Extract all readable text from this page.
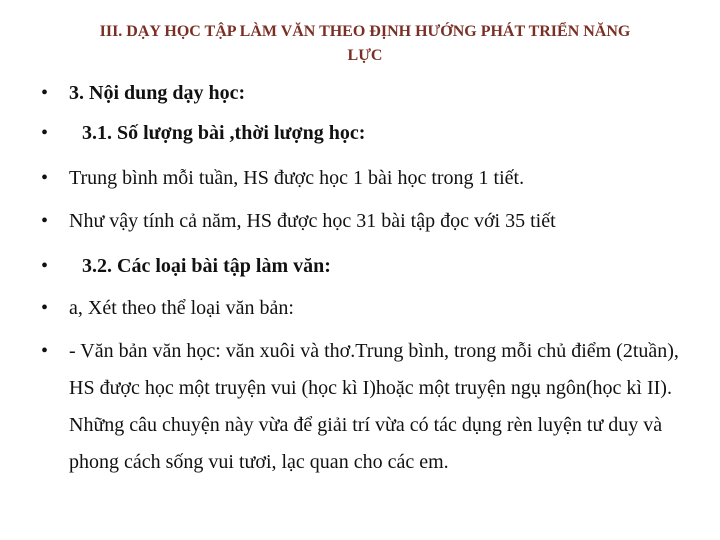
III. DẠY HỌC TẬP LÀM VĂN THEO ĐỊNH HƯỚNG PHÁT TRIỂN NĂNG
LỰC
• 3. Nội dung dạy học:
• 3.1. Số lượng bài ,thời lượng học:
• Trung bình mỗi tuần, HS được học 1 bài học trong 1 tiết.
• Như vậy tính cả năm, HS được học 31 bài tập đọc với 35 tiết
• 3.2. Các loại bài tập làm văn:
• a, Xét theo thể loại văn bản:
• - Văn bản văn học: văn xuôi và thơ.Trung bình, trong mỗi chủ điểm (2tuần), HS được học một truyện vui (học kì I)hoặc một truyện ngụ ngôn(học kì II). Những câu chuyện này vừa để giải trí vừa có tác dụng rèn luyện tư duy và phong cách sống vui tươi, lạc quan cho các em.
